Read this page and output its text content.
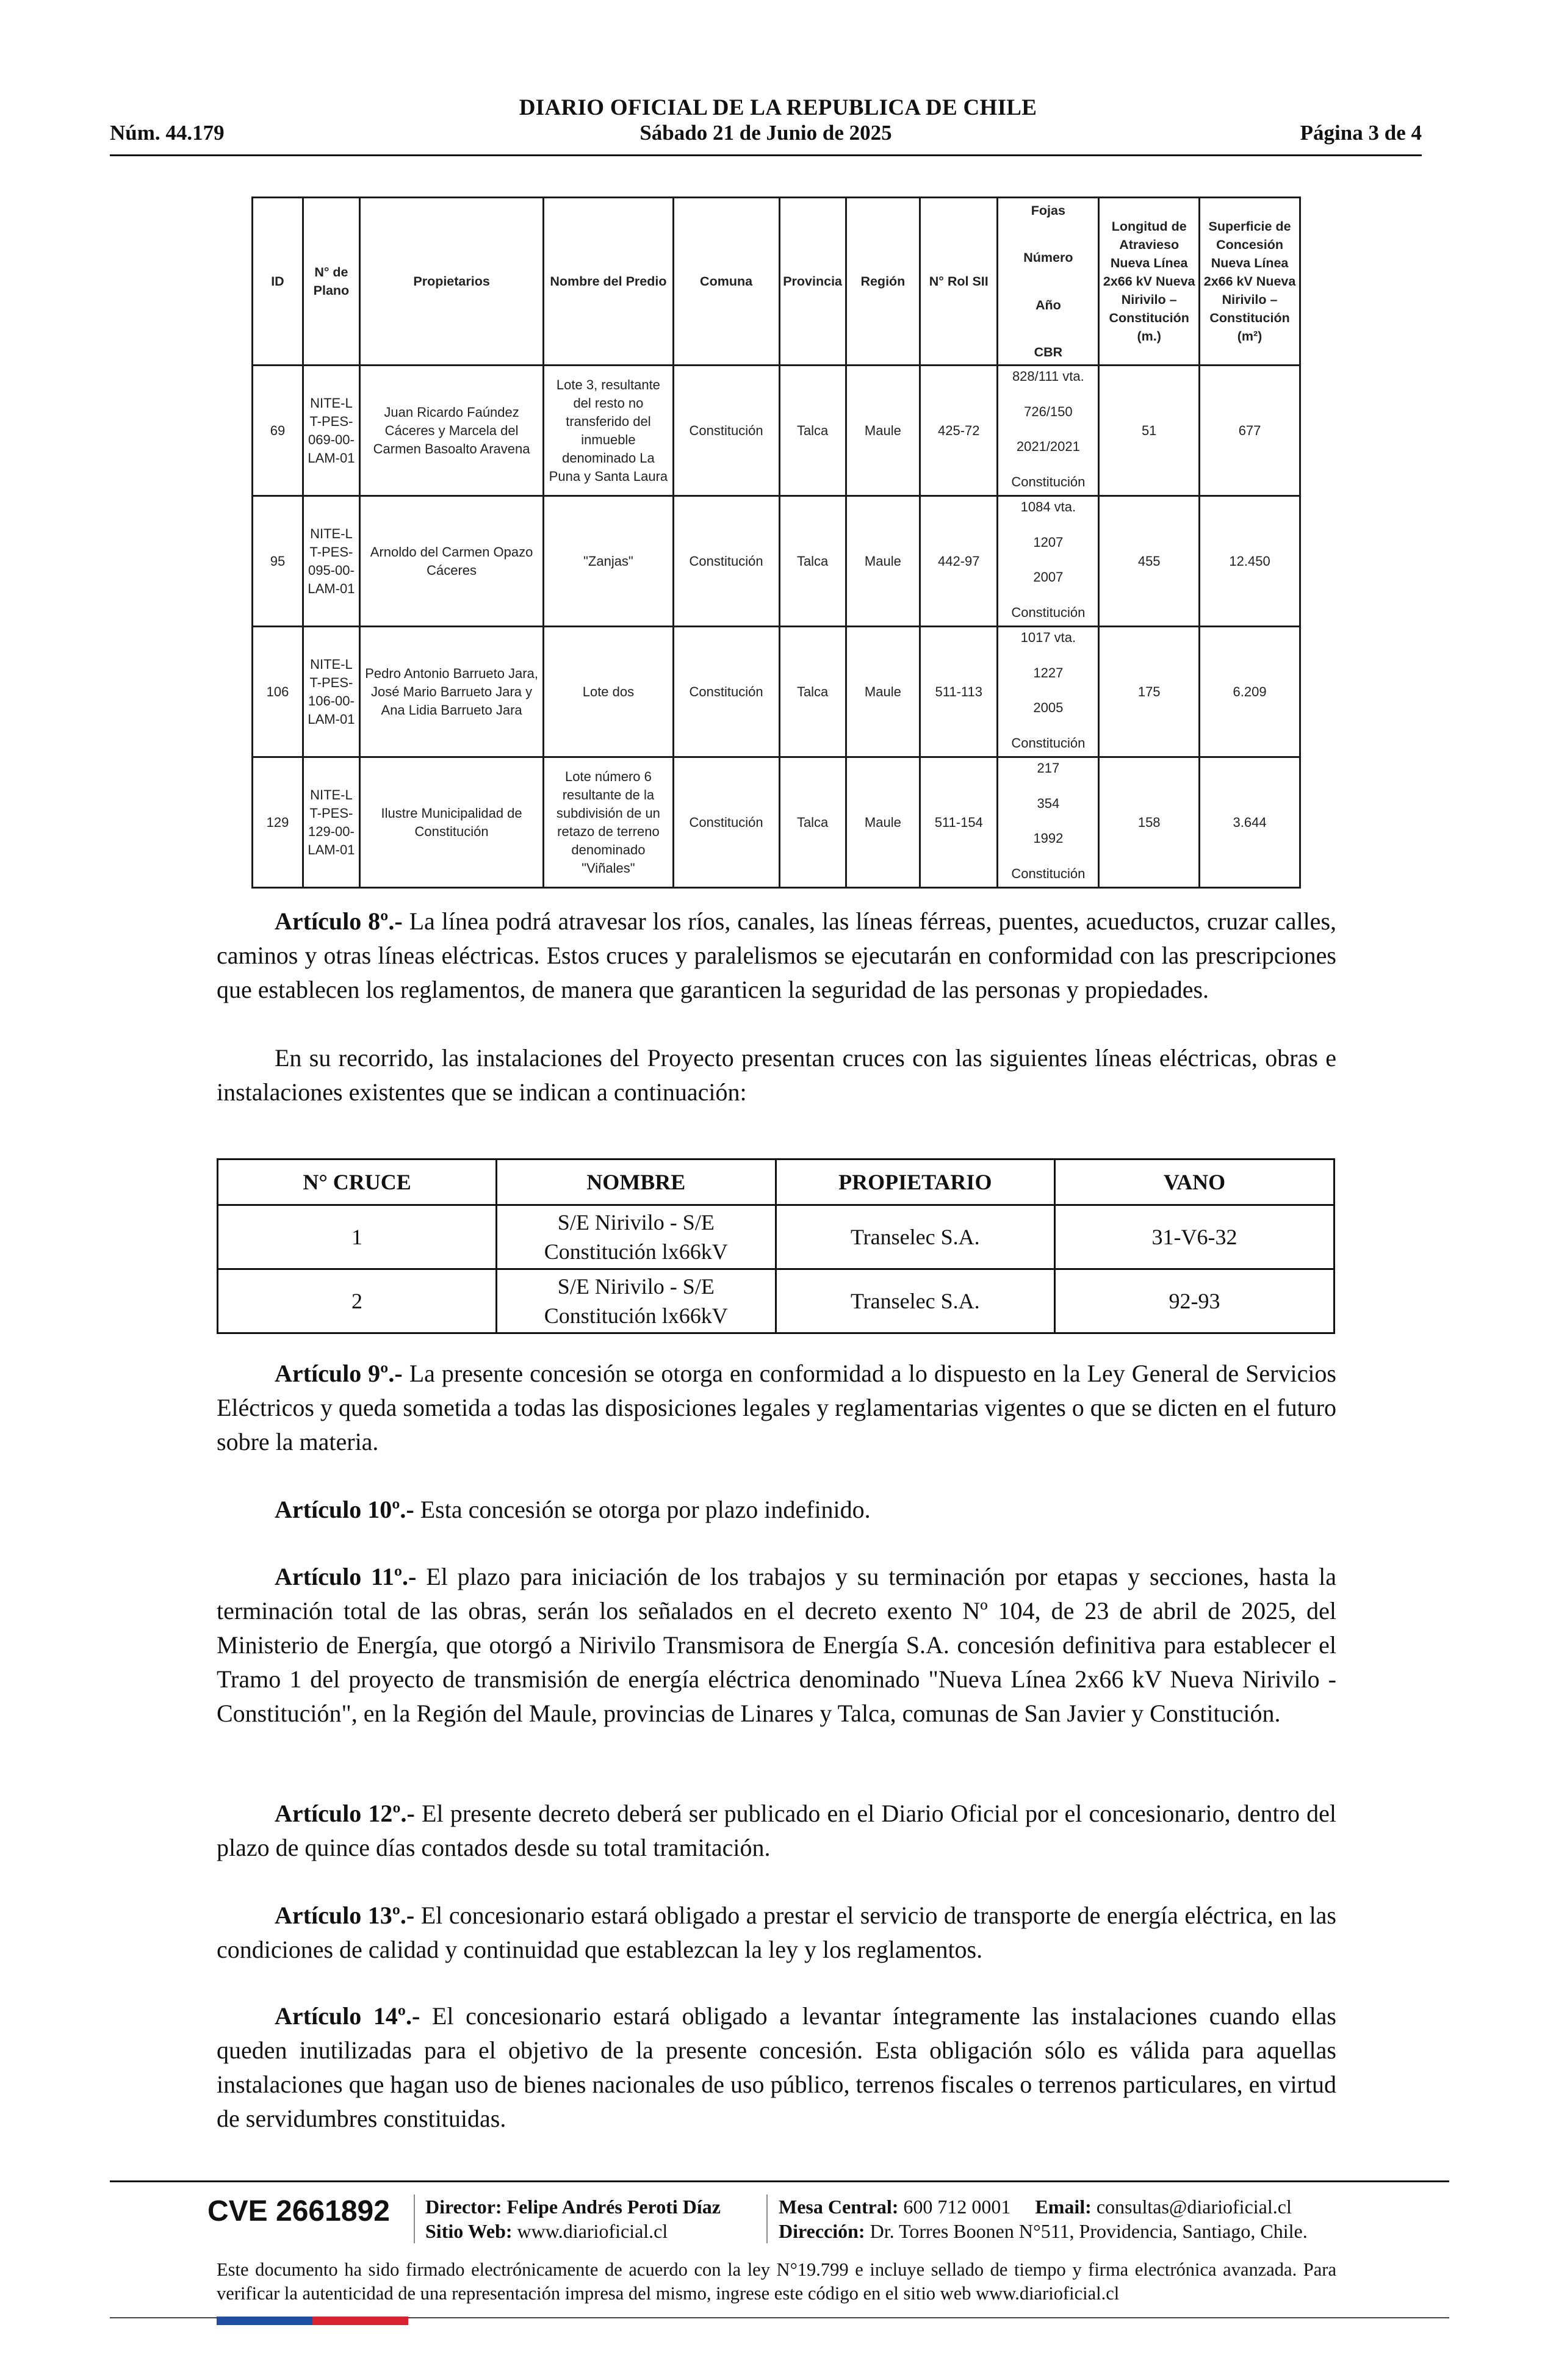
DIARIO OFICIAL DE LA REPUBLICA DE CHILE
Sábado 21 de Junio de 2025
Núm. 44.179	Página 3 de 4
ID	N° de Plano	Propietarios	Nombre del Predio	Comuna	Provincia	Región	N° Rol SII	Fojas
Número
Año
CBR	Longitud de Atravieso Nueva Línea 2x66 kV Nueva Nirivilo – Constitución (m.)	Superficie de Concesión Nueva Línea 2x66 kV Nueva Nirivilo – Constitución (m²)
69	NITE-LT-PES-069-00-LAM-01	Juan Ricardo Faúndez Cáceres y Marcela del Carmen Basoalto Aravena	Lote 3, resultante del resto no transferido del inmueble denominado La Puna y Santa Laura	Constitución	Talca	Maule	425-72	828/111 vta.
726/150
2021/2021
Constitución	51	677
95	NITE-LT-PES-095-00-LAM-01	Arnoldo del Carmen Opazo Cáceres	"Zanjas"	Constitución	Talca	Maule	442-97	1084 vta.
1207
2007
Constitución	455	12.450
106	NITE-LT-PES-106-00-LAM-01	Pedro Antonio Barrueto Jara, José Mario Barrueto Jara y Ana Lidia Barrueto Jara	Lote dos	Constitución	Talca	Maule	511-113	1017 vta.
1227
2005
Constitución	175	6.209
129	NITE-LT-PES-129-00-LAM-01	Ilustre Municipalidad de Constitución	Lote número 6 resultante de la subdivisión de un retazo de terreno denominado "Viñales"	Constitución	Talca	Maule	511-154	217
354
1992
Constitución	158	3.644

Artículo 8º.- La línea podrá atravesar los ríos, canales, las líneas férreas, puentes, acueductos, cruzar calles, caminos y otras líneas eléctricas. Estos cruces y paralelismos se ejecutarán en conformidad con las prescripciones que establecen los reglamentos, de manera que garanticen la seguridad de las personas y propiedades.

En su recorrido, las instalaciones del Proyecto presentan cruces con las siguientes líneas eléctricas, obras e instalaciones existentes que se indican a continuación:

N° CRUCE	NOMBRE	PROPIETARIO	VANO
1	S/E Nirivilo - S/E Constitución lx66kV	Transelec S.A.	31-V6-32
2	S/E Nirivilo - S/E Constitución lx66kV	Transelec S.A.	92-93

Artículo 9º.- La presente concesión se otorga en conformidad a lo dispuesto en la Ley General de Servicios Eléctricos y queda sometida a todas las disposiciones legales y reglamentarias vigentes o que se dicten en el futuro sobre la materia.

Artículo 10º.- Esta concesión se otorga por plazo indefinido.

Artículo 11º.- El plazo para iniciación de los trabajos y su terminación por etapas y secciones, hasta la terminación total de las obras, serán los señalados en el decreto exento Nº 104, de 23 de abril de 2025, del Ministerio de Energía, que otorgó a Nirivilo Transmisora de Energía S.A. concesión definitiva para establecer el Tramo 1 del proyecto de transmisión de energía eléctrica denominado "Nueva Línea 2x66 kV Nueva Nirivilo - Constitución", en la Región del Maule, provincias de Linares y Talca, comunas de San Javier y Constitución.

Artículo 12º.- El presente decreto deberá ser publicado en el Diario Oficial por el concesionario, dentro del plazo de quince días contados desde su total tramitación.

Artículo 13º.- El concesionario estará obligado a prestar el servicio de transporte de energía eléctrica, en las condiciones de calidad y continuidad que establezcan la ley y los reglamentos.

Artículo 14º.- El concesionario estará obligado a levantar íntegramente las instalaciones cuando ellas queden inutilizadas para el objetivo de la presente concesión. Esta obligación sólo es válida para aquellas instalaciones que hagan uso de bienes nacionales de uso público, terrenos fiscales o terrenos particulares, en virtud de servidumbres constituidas.

CVE 2661892 Director: Felipe Andrés Peroti Díaz
Sitio Web: www.diarioficial.cl
Mesa Central: 600 712 0001 Email: consultas@diarioficial.cl
Dirección: Dr. Torres Boonen N°511, Providencia, Santiago, Chile.
Este documento ha sido firmado electrónicamente de acuerdo con la ley N°19.799 e incluye sellado de tiempo y firma electrónica avanzada. Para verificar la autenticidad de una representación impresa del mismo, ingrese este código en el sitio web www.diarioficial.cl
